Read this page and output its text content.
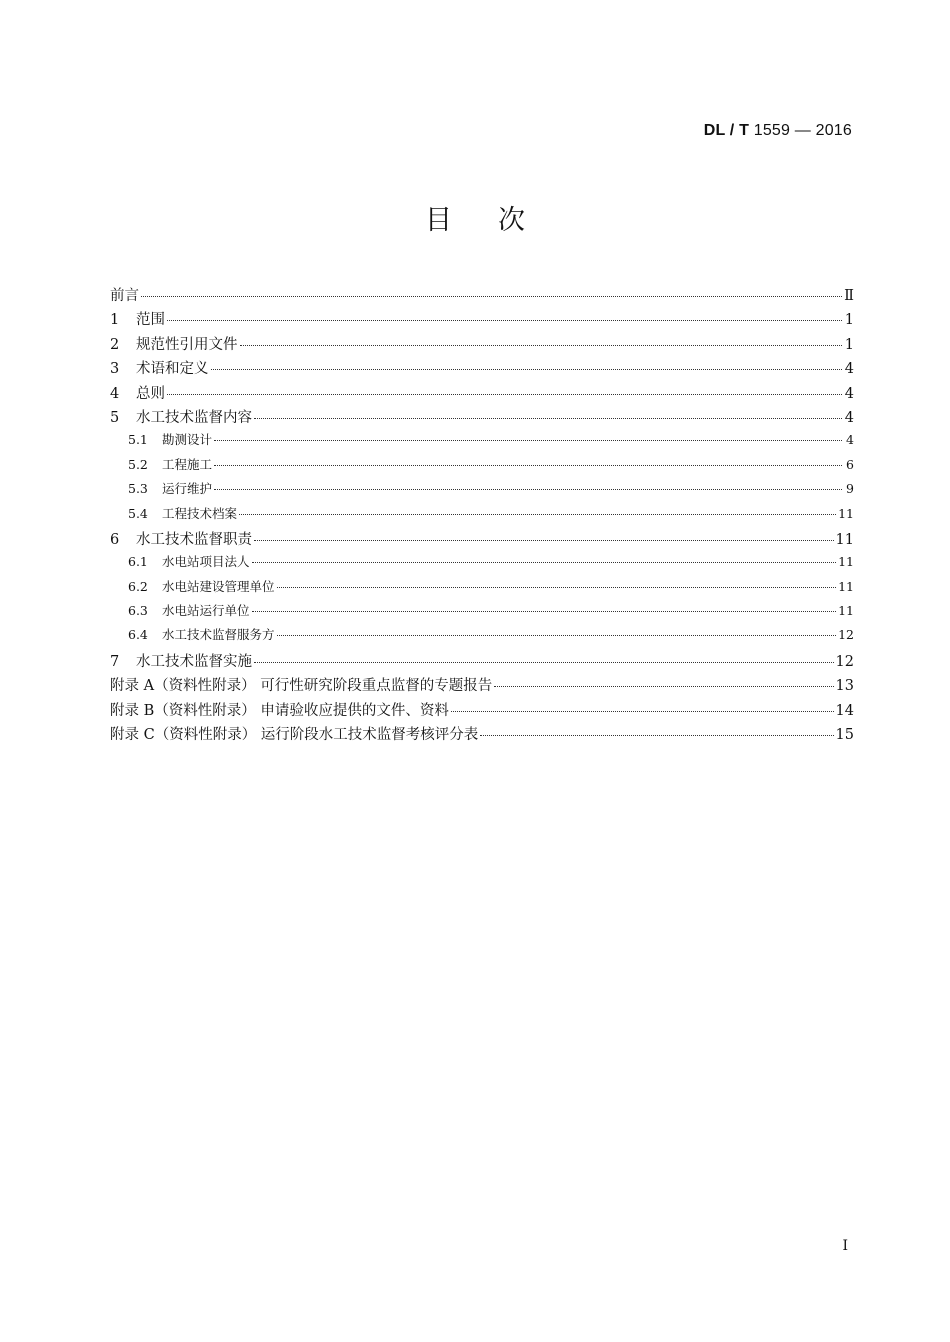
DL / T 1559 — 2016
目次
前言	Ⅱ
1	范围	1
2	规范性引用文件	1
3	术语和定义	4
4	总则	4
5	水工技术监督内容	4
5.1	勘测设计	4
5.2	工程施工	6
5.3	运行维护	9
5.4	工程技术档案	11
6	水工技术监督职责	11
6.1	水电站项目法人	11
6.2	水电站建设管理单位	11
6.3	水电站运行单位	11
6.4	水工技术监督服务方	12
7	水工技术监督实施	12
附录 A（资料性附录） 可行性研究阶段重点监督的专题报告	13
附录 B（资料性附录） 申请验收应提供的文件、资料	14
附录 C（资料性附录） 运行阶段水工技术监督考核评分表	15
I
